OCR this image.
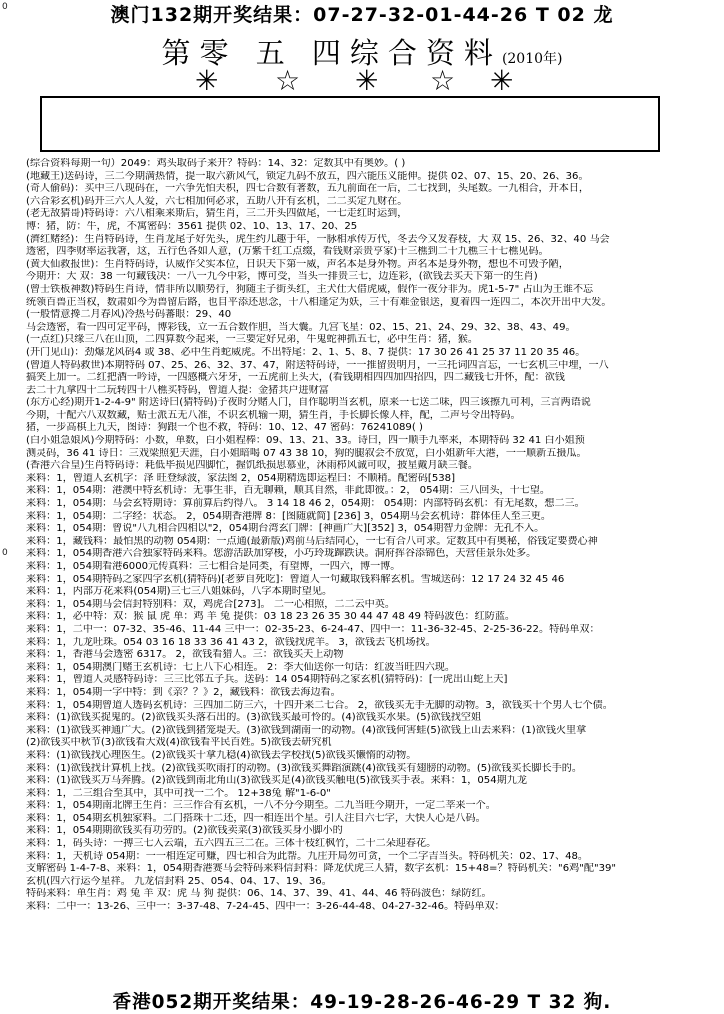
0
0
澳门132期开奖结果：07-27-32-01-44-26 T 02 龙
第零 五 四综合资料(2010年)
✳ ☆ ✳ ☆ ✳
(综合资料每期一句）2049：鸡头取码子来开？特码：14、32：定数其中有奥妙。( )
(地藏王)送码诗，三二今期满热情，提一取六新风气，锁定九码不放五，四六能压义能伸。提供 02、07、15、20、26、36。
(奇人偷码)：买中三八现码在，一六争先怕夫枳，四七合数有著数，五九前面在一后，二七找到，头尾数。一九相合，开本日，
(六合彩玄机)码开三六人人爱，六七相加何必求，五助八开有玄机，二二买定九财在。
(老无敌猜哥)特码诗：六八相乘来斯后，猜生肖，三二开头四做尾，一七走红时运到，
博：猪，防：牛，虎，不寓密码：3561 提供 02、10、13、17、20、25
(濟红赌经)：生肖特码诗，生肖龙尾子好先头，虎生约儿趣于年，一脉相承传万代，冬去今又发春枝，大 双 15、26、32、40 马会
透密，四季财率运我箸，这，五行色各如人意，(万紫千红工点缀，看钱财亲贵亨家)十三樵到二十九樵三十七樵见码。
(黄大仙救报世)：生肖特码诗，认威作父实本位，日识天下第一威，声名本是身外物。声名本是身外物，想也不可毁予陋，
今期开：大 双：38 一句藏钱决：一八一九今中彩，博可受，当头一排贵三七，边连彩，(欲钱去买天下第一的生肖)
(曾士铁板神数)特码生肖诗，情非所以顺势行，狗随主子街头红，主犬仕大借虎威，假作一夜分非为。虎1-5-7" 占山为王谁不忘
统领百兽正当权，数肃如今为兽留后路，也目平添还思念，十八相逢定为妖，三十有难金银送，夏着四一连四二，本次开出中大发。
(一般情意搀二月春风)冷热号码蕃眼：29、40
马会透密，看一四可定平码，博彩钱，立一五合数作胆，当大囊。九宫飞星：02、15、21、24、29、32、38、43、49。
(一点红)只缘三八在山顶，二四算数今起来，一三要定好兄弟，牛鬼蛇神抓五七，必中生肖：猪，猴。
(开门见山)：劲爆龙风码4 或 38、必中生肖蛇威虎。不出特尾：2、1、5、8、7 提供：17 30 26 41 25 37 11 20 35 46。
(曾道人特码救世)本期特码 07、25、26、32、37、47，附送特码诗，一一推留贵明月，一三托词四言忘，一七玄机三中埋，一八
搞笑上加一。二红把酒一吟诗，一四感概六牙牙，一五虎前上头大，(看钱期相四四加四招四，四二藏钱七开怀，配：欲钱
去二十九拿四十二玩转四十八樵买特码，曾道人提：金猪共户进财富
(东方心经)期开1-2-4-9" 附送诗曰(猜特码)子夜时分赌人门，自作聪明当玄机，原来一七送二味，四三该擦九可利，三言两语说
今期，十配六八双数藏，贴士派五无八准，不识玄机输一期，猜生肖，手长脚长像人样，配，二声号令出特码。
猪，一步高棋上九天，图诗：狗跟一个也不救，特码：10、12、47 密码：76241089( )
(白小姐急娘风)今期特码：小数，单数，白小姐程棒：09、13、21、33。诗曰，四一顺手九率来，本期特码 32 41 白小姐预
测灵码，36 41 诗日：三戏梁照犯天涯，白小姐暗喝 07 43 38 10，狗的腿叙会不放宽，白小姐新年大港，一一顺新五摄瓜。
(香港六合皇)生肖特码诗：耗低毕损见四脚忙，握饥纸损思慕业，沐雨栉风诚可叹，披星戴月缺三餐。
来料：1，曾道人玄机字：泽 旺登绿波，家法图 2，054期精选即运程曰：不顺稍。配密码[538]
来料：1，054期：港澳中特玄机诗：无事生非，百无聊赖，顺其自然，非此即彼。：2， 054期：三八回头，十七望。
来料：1，054期：马会玄特期诗：算前算后约得八。 3 14 18 46 2，054期： 054期：内部特码玄机：有无尾数，想二三。
来料：1，054期：二字经：状态。 2，054期香港牌 8：[图随就简] [236] 3，054期马会玄机诗：群体佳人至三更。
来料：1，054期：曾说"八九相合四相以"2，054期台湾玄门牌：[神画广大][352] 3，054期智力金牌：无孔不入。
来料：1，藏钱料：最怕黑的动物 054期：一点通(最新版)鸡前马后结同心，一七有合八可求。定数其中有奥秘，俗钱定要费心神
来料：1，054期香港六合独家特码来料。您游活跃加穿梭，小巧玲珑蹿跌诀。洞府挥谷添锦色，天营佳景乐处多。
来料：1，054期看港6000元传真料：三七相合是同类，有望博，一四六，博一博。
来料：1，054期特码之家四字玄机(猜特码)[老萝自死吃]：曾道人一句藏取钱料解玄机。雪城送码：12 17 24 32 45 46
来料：1，内部万花来料(054期)三七三八姐妹码，八字本期时望见。
来料：1，054期马会信封特别料：双，鸡虎合[273]。 二一心相照，二二云中英。
来料：1，必中特：双：猴 鼠 虎 单：鸡 羊 兔 提供：03 18 23 26 35 30 44 47 48 49 特码波色：红防蓝。
来料：1，二中一：07-32、35-46、11-44 三中一：02-35-23、6-24-47、四中一：11-36-32-45、2-25-36-22。特码单双：
来料：1，九龙吐珠。054 03 16 18 33 36 41 43 2，欲钱找虎羊。 3，欲钱去飞机场找。
来料：1，香港马会透密 6317。 2，欲钱看猎人。三：欲钱买天上动物
来料：1，054期澳门赌王玄机诗：七上八下心相连。 2：李大仙送你一句话：红波当旺四六现。
来料：1，曾道人灵感特码诗：三三比邻五子兵。送码：14 054期特码之家玄机(猜特码)：[一虎出山蛇上天]
来料：1，054期一字中特：到《亲？？》2，藏钱料：欲钱去海边看。
来料：1，054期曾道人透码玄机诗：三四加二防三六，十四开来二七合。 2，欲钱买无手无脚的动物。3，欲钱买十个男人七个债。
来料：(1)欲钱买捉鬼的。(2)欲钱买头落石出的。(3)欲钱买最可怜的。(4)欲钱买水果。(5)欲钱找空姐
来料：(1)欲钱买神通广大。(2)欲钱到猪笼堤天。(3)欲钱到湖南一的动物。(4)欲钱何害蛙(5)欲钱上山去来料：(1)欲钱火里拿
(2)欲钱买中秋节(3)欲钱看大戏(4)欲钱看平民百姓。5)欲钱去研究机
来料：(1)欲钱找心理医生。(2)欲钱买十拿九稳(4)欲钱去学校找(5)欲钱买懒惰的动物。
来料：(1)欲钱找计算机上找。(2)欲钱买吹雨打的动物。(3)欲钱买舞蹈演跳(4)欲钱买有翅膀的动物。(5)欲钱买长脚长手的。
来料：(1)欲钱买万马奔腾。(2)欲钱到南北角山(3)欲钱买足(4)欲钱买触电(5)欲钱买手表。来料：1，054期九龙
来料：1，二三组合至其中，其中可找一二个。 12+38兔 解"1-6-0"
来料：1，054期南北牌王生肖：三三作合有玄机，一八不分今期至。二九当旺今期开，一定二莘来一个。
来料：1，054期玄机独家料。二门搭珠十二还，四一相连出个星。引人注目六七字，大快人心是八码。
来料：1，054期期欲钱买有功劳的。(2)欲钱卖菜(3)欲钱买身小脚小的
来料：1，码头诗：一搏三七入云端，五六四五三二在。三体十枝红枫竹，二十二朵迎春花。
来料：1，天机诗 054期：一一相连定可赚，四七和合为此帮。九庄开局勿可贪，一个二字吉当头。特码机关：02、17、48。
支解密码 1-4-7-8、来料：1，054期香港赛马会特码来料信封料：降龙伏虎三人猜，数字玄机：15+48=？特码机关："6鸡"配"39"
玄机(四六行运今星祥。 九龙信封料 25、054、04、17、19、36。
特码来料：单生肖：鸡 兔 羊 双：虎 马 狗 提供：06、14、37、39、41、44、46 特码波色：绿防红。
来料：二中一：13-26、三中一：3-37-48、7-24-45、四中一：3-26-44-48、04-27-32-46。特码单双：
香港052期开奖结果：49-19-28-26-46-29 T 32 狗.
